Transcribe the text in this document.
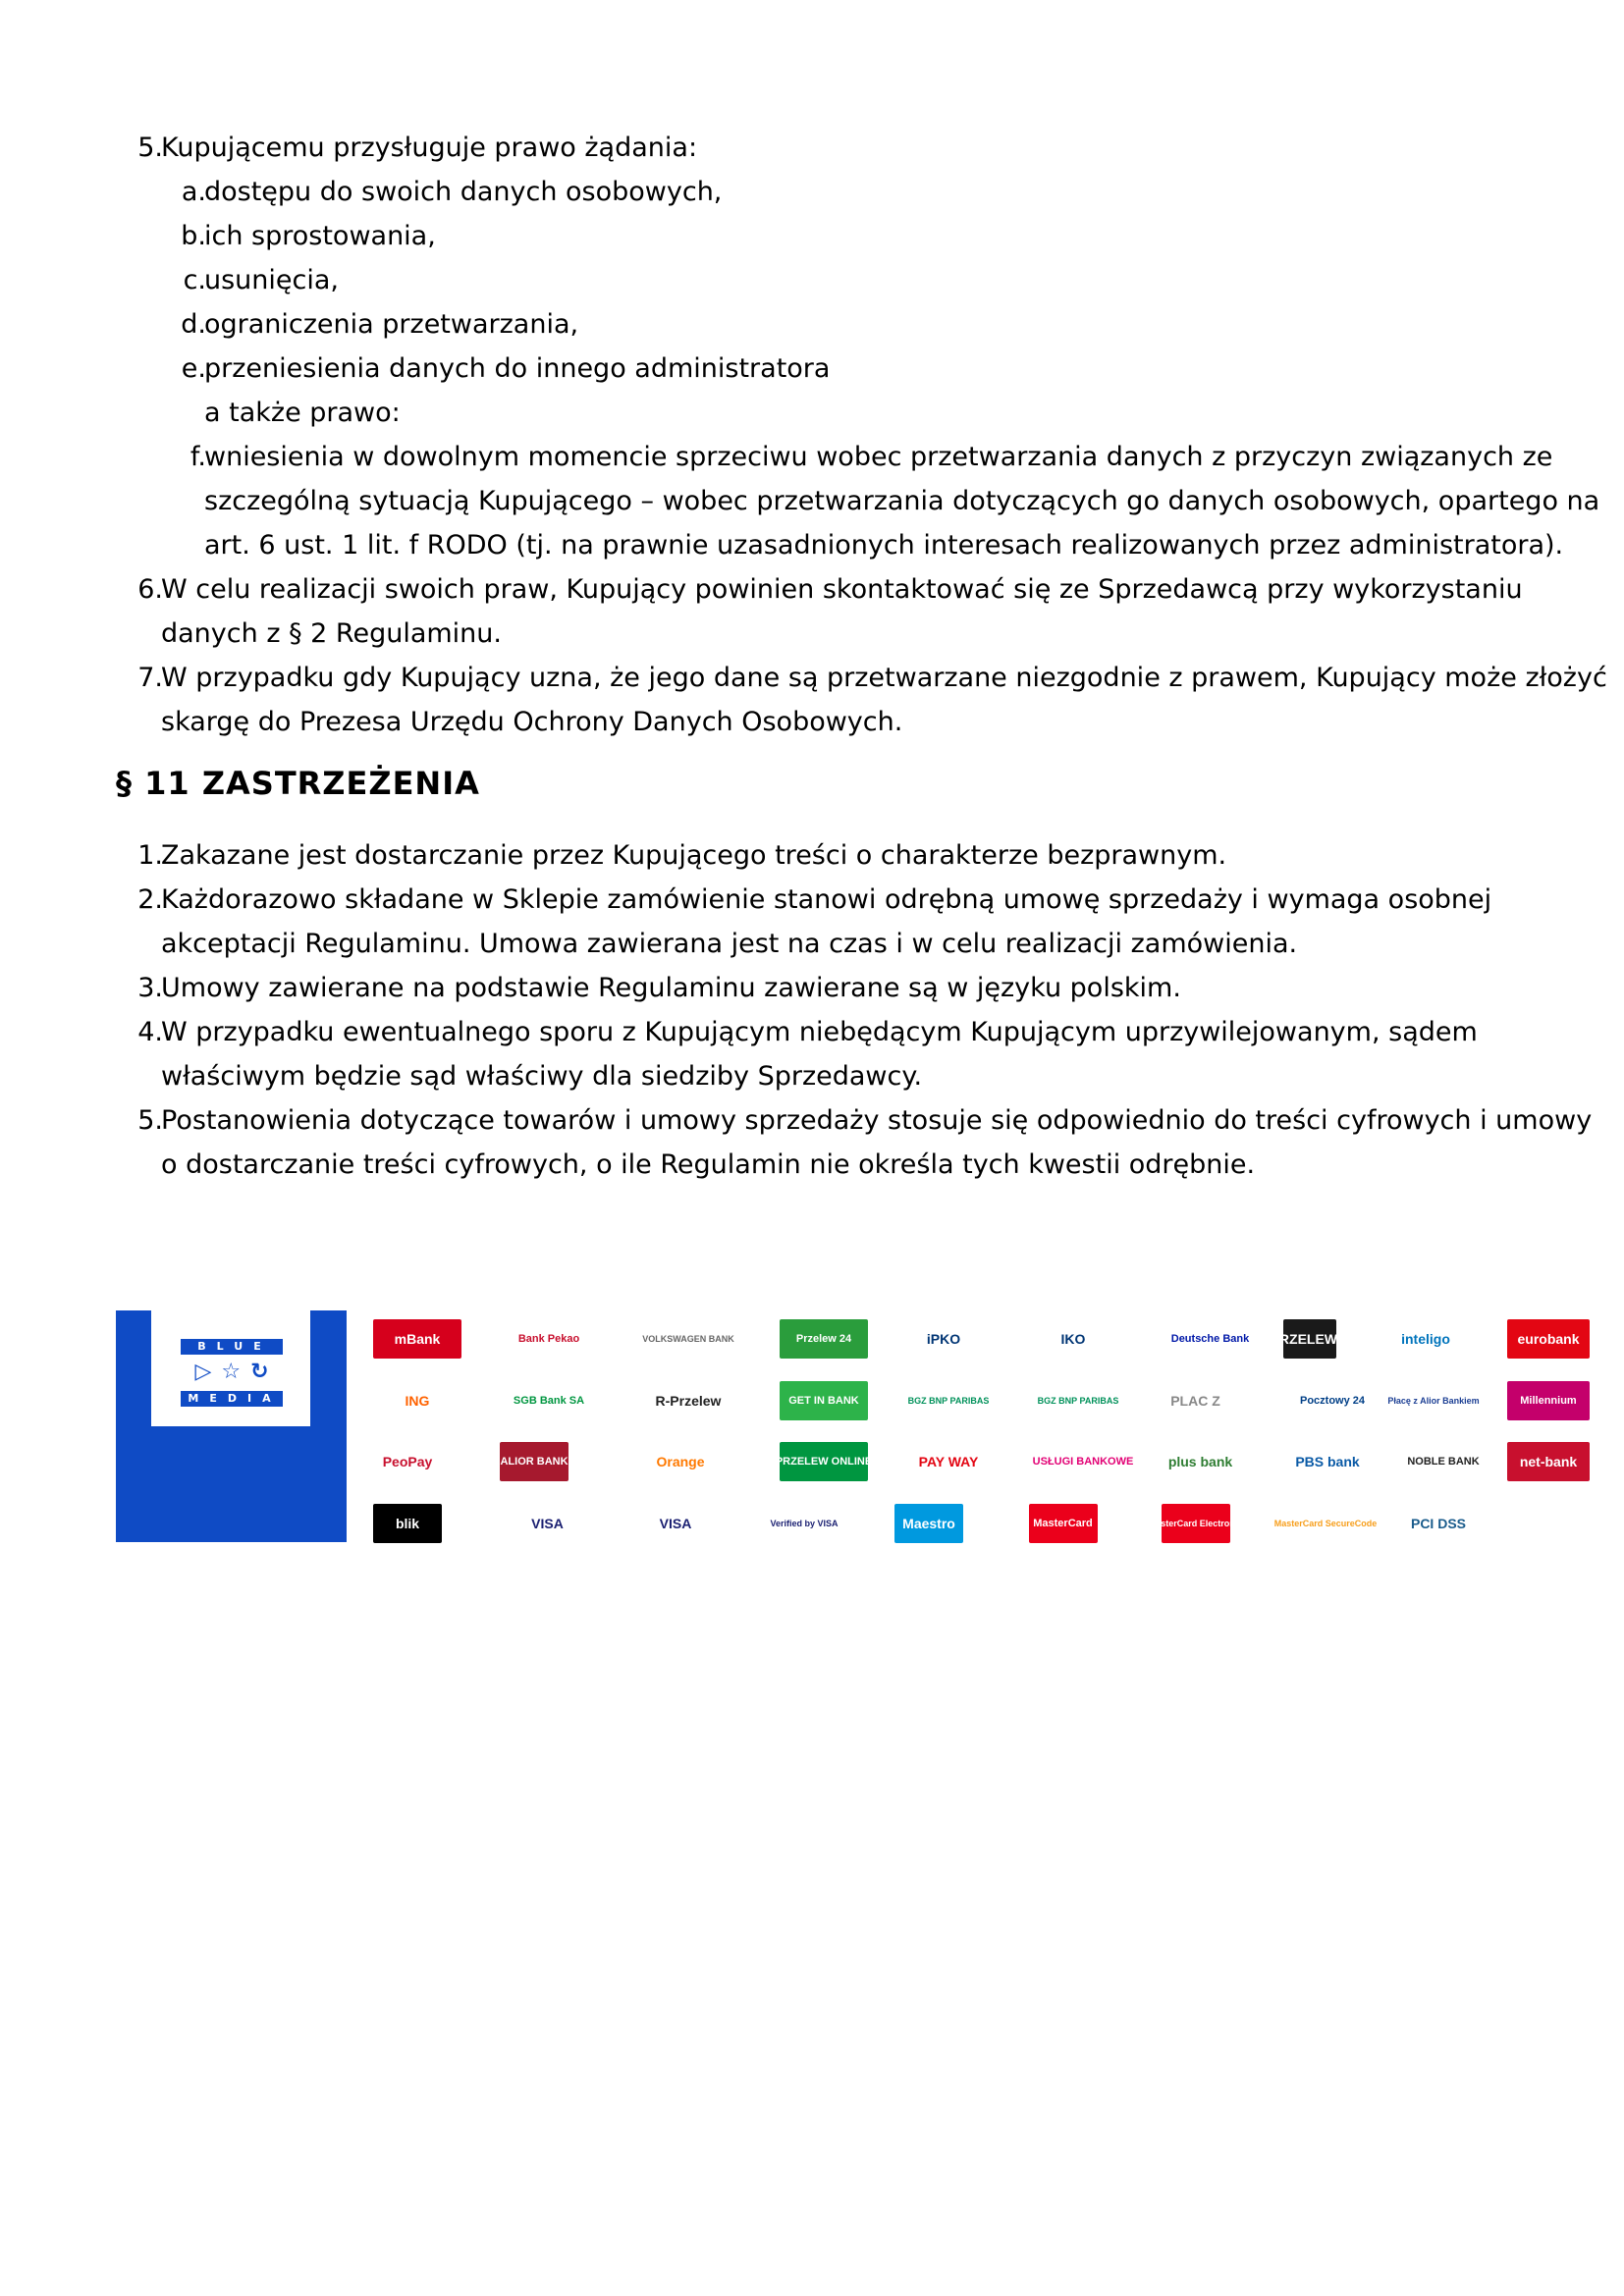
5.
Kupującemu przysługuje prawo żądania:
a.
dostępu do swoich danych osobowych,
b.
ich sprostowania,
c.
usunięcia,
d.
ograniczenia przetwarzania,
e.
przeniesienia danych do innego administratora
a także prawo:
f.
wniesienia w dowolnym momencie sprzeciwu wobec przetwarzania danych z przyczyn związanych ze
szczególną sytuacją Kupującego – wobec przetwarzania dotyczących go danych osobowych, opartego na
art. 6 ust. 1 lit. f RODO (tj. na prawnie uzasadnionych interesach realizowanych przez administratora).
6.
W celu realizacji swoich praw, Kupujący powinien skontaktować się ze Sprzedawcą przy wykorzystaniu
danych z § 2 Regulaminu.
7.
W przypadku gdy Kupujący uzna, że jego dane są przetwarzane niezgodnie z prawem, Kupujący może złożyć
skargę do Prezesa Urzędu Ochrony Danych Osobowych.
§ 11 ZASTRZEŻENIA
1.
Zakazane jest dostarczanie przez Kupującego treści o charakterze bezprawnym.
2.
Każdorazowo składane w Sklepie zamówienie stanowi odrębną umowę sprzedaży i wymaga osobnej
akceptacji Regulaminu. Umowa zawierana jest na czas i w celu realizacji zamówienia.
3.
Umowy zawierane na podstawie Regulaminu zawierane są w języku polskim.
4.
W przypadku ewentualnego sporu z Kupującym niebędącym Kupującym uprzywilejowanym, sądem
właściwym będzie sąd właściwy dla siedziby Sprzedawcy.
5.
Postanowienia dotyczące towarów i umowy sprzedaży stosuje się odpowiednio do treści cyfrowych i umowy
o dostarczanie treści cyfrowych, o ile Regulamin nie określa tych kwestii odrębnie.
BLUE
▷☆↻
MEDIA
mBank	Bank Pekao	VOLKSWAGEN BANK	Przelew 24	iPKO	IKO	Deutsche Bank	PRZELEW Z	inteligo	eurobank
ING	SGB Bank SA	R-Przelew	GET IN BANK	BGZ BNP PARIBAS	BGZ BNP PARIBAS	PLAC Z	Pocztowy 24	Płacę z Alior Bankiem	Millennium
PeoPay	ALIOR BANK	Orange	PRZELEW ONLINE	PAY WAY	USŁUGI BANKOWE	plus bank	PBS bank	NOBLE BANK	net-bank
blik	VISA	VISA	Verified by VISA	Maestro	MasterCard	MasterCard Electronic	MasterCard SecureCode	PCI DSS
